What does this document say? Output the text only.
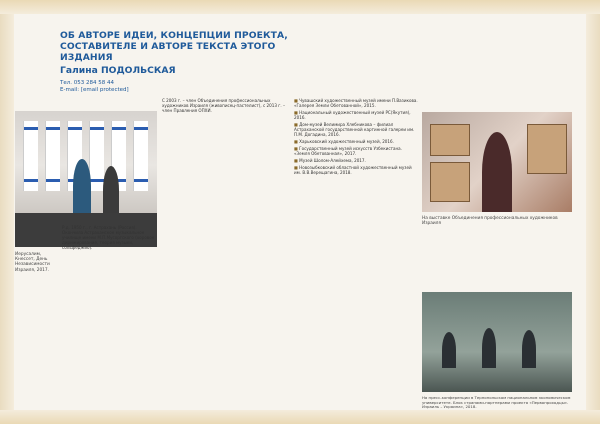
ОБ АВТОРЕ ИДЕИ, КОНЦЕПЦИИ ПРОЕКТА,
СОСТАВИТЕЛЕ И АВТОРЕ ТЕКСТА ЭТОГО ИЗДАНИЯ
Галина ПОДОЛЬСКАЯ
Тел. 053 284 58 44
E-mail: [email protected]
Иерусалим, Кнессет, День Независимости Израиля, 2017.
Р.д. 1950 г., г. Астрахань (Россия). Окончила Астраханское музыкальное училище имени М.П.Мусоргского (хоровое дирижирование, теория музыки, сольфеджио).
С 2003 г. – член Объединения профессиональных художников Израиля (живописец-пастелист), с 2013 г. – член Правления ОПХИ.
■ Чувашский художественный музей имени П.Вазикова. «Галерея Земли Обетованной», 2015.
■ Национальный художественный музей РС(Якутия), 2016.
■ Дом-музей Велимира Хлебникова – филиал Астраханской государственной картинной галереи им. П.М. Догадина, 2016.
■ Харьковский художественный музей, 2016.
■ Государственный музей искусств Узбекистана. «Земля Обетованная», 2017.
■ Музей Шолом-Алейхема, 2017.
■ Новозыбковский областной художественный музей им. В.В.Верещагина, 2018.
На выставке Объединения профессиональных художников Израиля
На пресс-конференции в Тернопольском национальном экономическом университете. Блок странами-партнерами проекта «Первопроходцы». Израиль – Украина», 2018.
